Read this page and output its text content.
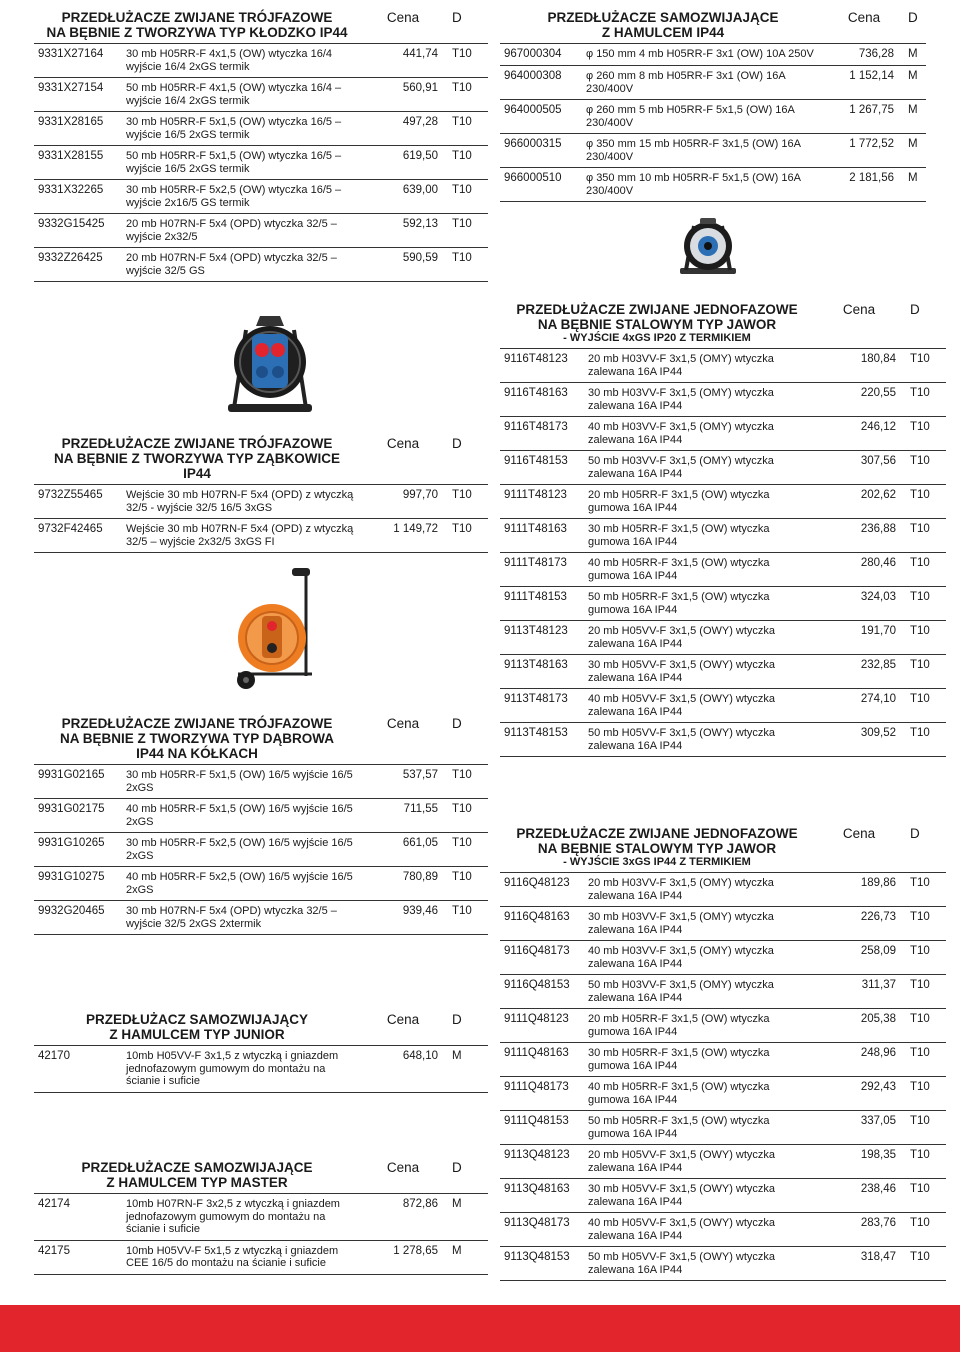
PRZEDŁUŻACZE ZWIJANE TRÓJFAZOWE
NA BĘBNIE Z TWORZYWA TYP KŁODZKO IP44		Cena	D
9331X27164	30 mb H05RR-F 4x1,5 (OW) wtyczka 16/4 wyjście 16/4 2xGS termik	441,74	T10
9331X27154	50 mb H05RR-F 4x1,5 (OW) wtyczka 16/4 – wyjście 16/4 2xGS termik	560,91	T10
9331X28165	30 mb H05RR-F 5x1,5 (OW) wtyczka 16/5 – wyjście 16/5 2xGS termik	497,28	T10
9331X28155	50 mb H05RR-F 5x1,5 (OW) wtyczka 16/5 – wyjście 16/5 2xGS termik	619,50	T10
9331X32265	30 mb H05RR-F 5x2,5 (OW) wtyczka 16/5 – wyjście 2x16/5 GS termik	639,00	T10
9332G15425	20 mb H07RN-F 5x4 (OPD) wtyczka 32/5 – wyjście 2x32/5	592,13	T10
9332Z26425	20 mb H07RN-F 5x4 (OPD) wtyczka 32/5 – wyjście 32/5 GS	590,59	T10
PRZEDŁUŻACZE SAMOZWIJAJĄCE
Z HAMULCEM IP44		Cena	D
967000304	φ 150 mm 4 mb H05RR-F 3x1 (OW) 10A 250V	736,28	M
964000308	φ 260 mm 8 mb H05RR-F 3x1 (OW) 16A 230/400V	1 152,14	M
964000505	φ 260 mm 5 mb H05RR-F 5x1,5 (OW) 16A 230/400V	1 267,75	M
966000315	φ 350 mm 15 mb H05RR-F 3x1,5 (OW) 16A 230/400V	1 772,52	M
966000510	φ 350 mm 10 mb H05RR-F 5x1,5 (OW) 16A 230/400V	2 181,56	M
PRZEDŁUŻACZE ZWIJANE JEDNOFAZOWE
NA BĘBNIE STALOWYM TYP JAWOR
- WYJŚCIE 4xGS IP20 Z TERMIKIEM		Cena	D
9116T48123	20 mb H03VV-F 3x1,5 (OMY) wtyczka zalewana 16A IP44	180,84	T10
9116T48163	30 mb H03VV-F 3x1,5 (OMY) wtyczka zalewana 16A IP44	220,55	T10
9116T48173	40 mb H03VV-F 3x1,5 (OMY) wtyczka zalewana 16A IP44	246,12	T10
9116T48153	50 mb H03VV-F 3x1,5 (OMY) wtyczka zalewana 16A IP44	307,56	T10
9111T48123	20 mb H05RR-F 3x1,5 (OW) wtyczka gumowa 16A IP44	202,62	T10
9111T48163	30 mb H05RR-F 3x1,5 (OW) wtyczka gumowa 16A IP44	236,88	T10
9111T48173	40 mb H05RR-F 3x1,5 (OW) wtyczka gumowa 16A IP44	280,46	T10
9111T48153	50 mb H05RR-F 3x1,5 (OW) wtyczka gumowa 16A IP44	324,03	T10
9113T48123	20 mb H05VV-F 3x1,5 (OWY) wtyczka zalewana 16A IP44	191,70	T10
9113T48163	30 mb H05VV-F 3x1,5 (OWY) wtyczka zalewana 16A IP44	232,85	T10
9113T48173	40 mb H05VV-F 3x1,5 (OWY) wtyczka zalewana 16A IP44	274,10	T10
9113T48153	50 mb H05VV-F 3x1,5 (OWY) wtyczka zalewana 16A IP44	309,52	T10
PRZEDŁUŻACZE ZWIJANE TRÓJFAZOWE
NA BĘBNIE Z TWORZYWA TYP ZĄBKOWICE
IP44		Cena	D
9732Z55465	Wejście 30 mb H07RN-F 5x4 (OPD) z wtyczką 32/5 - wyjście 32/5 16/5 3xGS	997,70	T10
9732F42465	Wejście 30 mb H07RN-F 5x4 (OPD) z wtyczką 32/5 – wyjście 2x32/5 3xGS FI	1 149,72	T10
PRZEDŁUŻACZE ZWIJANE TRÓJFAZOWE
NA BĘBNIE Z TWORZYWA TYP DĄBROWA
IP44 NA KÓŁKACH		Cena	D
9931G02165	30 mb H05RR-F 5x1,5 (OW) 16/5 wyjście 16/5 2xGS	537,57	T10
9931G02175	40 mb H05RR-F 5x1,5 (OW) 16/5 wyjście 16/5 2xGS	711,55	T10
9931G10265	30 mb H05RR-F 5x2,5 (OW) 16/5 wyjście 16/5 2xGS	661,05	T10
9931G10275	40 mb H05RR-F 5x2,5 (OW) 16/5 wyjście 16/5 2xGS	780,89	T10
9932G20465	30 mb H07RN-F 5x4 (OPD) wtyczka 32/5 – wyjście 32/5 2xGS 2xtermik	939,46	T10
PRZEDŁUŻACZE ZWIJANE JEDNOFAZOWE
NA BĘBNIE STALOWYM TYP JAWOR
- WYJŚCIE 3xGS IP44 Z TERMIKIEM		Cena	D
9116Q48123	20 mb H03VV-F 3x1,5 (OMY) wtyczka zalewana 16A IP44	189,86	T10
9116Q48163	30 mb H03VV-F 3x1,5 (OMY) wtyczka zalewana 16A IP44	226,73	T10
9116Q48173	40 mb H03VV-F 3x1,5 (OMY) wtyczka zalewana 16A IP44	258,09	T10
9116Q48153	50 mb H03VV-F 3x1,5 (OMY) wtyczka zalewana 16A IP44	311,37	T10
9111Q48123	20 mb H05RR-F 3x1,5 (OW) wtyczka gumowa 16A IP44	205,38	T10
9111Q48163	30 mb H05RR-F 3x1,5 (OW) wtyczka gumowa 16A IP44	248,96	T10
9111Q48173	40 mb H05RR-F 3x1,5 (OW) wtyczka gumowa 16A IP44	292,43	T10
9111Q48153	50 mb H05RR-F 3x1,5 (OW) wtyczka gumowa 16A IP44	337,05	T10
9113Q48123	20 mb H05VV-F 3x1,5 (OWY) wtyczka zalewana 16A IP44	198,35	T10
9113Q48163	30 mb H05VV-F 3x1,5 (OWY) wtyczka zalewana 16A IP44	238,46	T10
9113Q48173	40 mb H05VV-F 3x1,5 (OWY) wtyczka zalewana 16A IP44	283,76	T10
9113Q48153	50 mb H05VV-F 3x1,5 (OWY) wtyczka zalewana 16A IP44	318,47	T10
PRZEDŁUŻACZ SAMOZWIJAJĄCY
Z HAMULCEM TYP JUNIOR		Cena	D
42170	10mb H05VV-F 3x1,5 z wtyczką i gniazdem jednofazowym gumowym do montażu na ścianie i suficie	648,10	M
PRZEDŁUŻACZE SAMOZWIJAJĄCE
Z HAMULCEM TYP MASTER		Cena	D
42174	10mb H07RN-F 3x2,5 z wtyczką i gniazdem jednofazowym gumowym do montażu na ścianie i suficie	872,86	M
42175	10mb H05VV-F 5x1,5 z wtyczką i gniazdem CEE 16/5 do montażu na ścianie i suficie	1 278,65	M
